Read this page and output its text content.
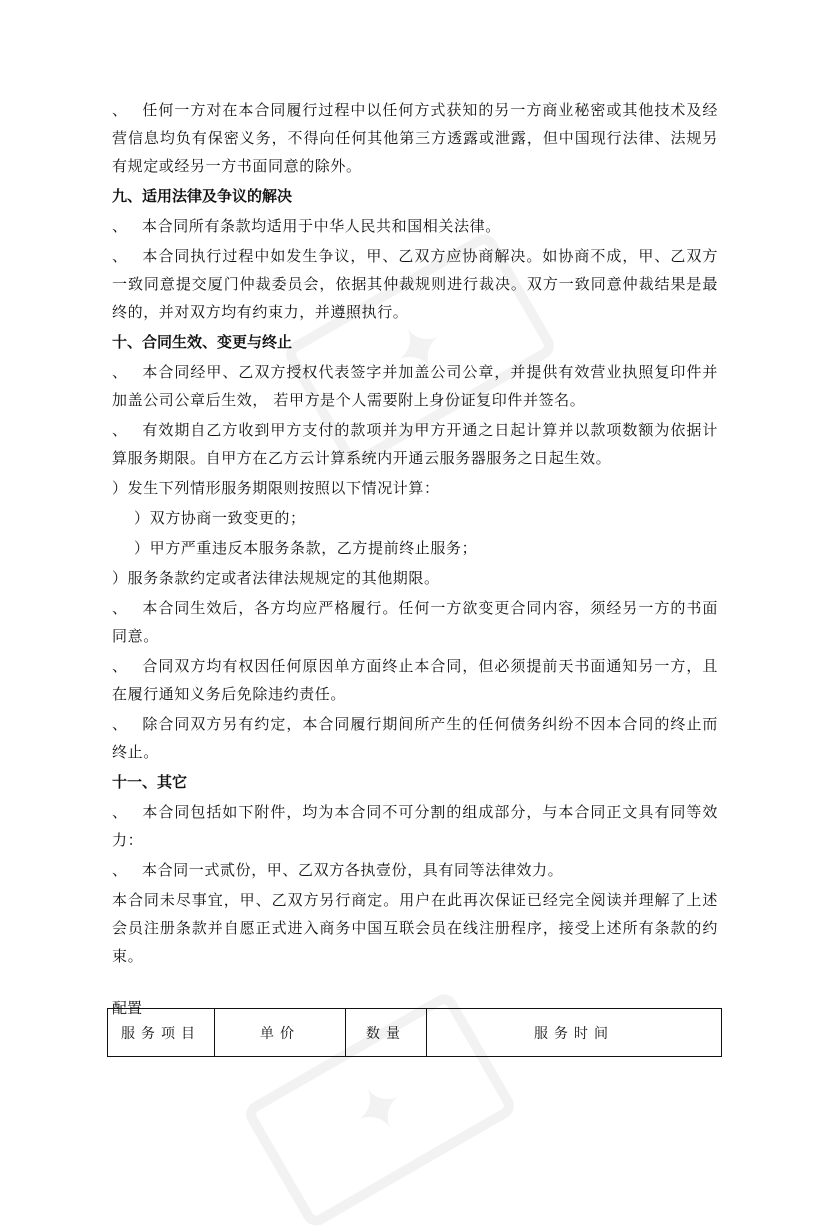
✦
✦

、 任何一方对在本合同履行过程中以任何方式获知的另一方商业秘密或其他技术及经营信息均负有保密义务，不得向任何其他第三方透露或泄露，但中国现行法律、法规另有规定或经另一方书面同意的除外。

九、适用法律及争议的解决

、 本合同所有条款均适用于中华人民共和国相关法律。

、 本合同执行过程中如发生争议，甲、乙双方应协商解决。如协商不成，甲、乙双方一致同意提交厦门仲裁委员会，依据其仲裁规则进行裁决。双方一致同意仲裁结果是最终的，并对双方均有约束力，并遵照执行。

十、合同生效、变更与终止

、 本合同经甲、乙双方授权代表签字并加盖公司公章，并提供有效营业执照复印件并加盖公司公章后生效， 若甲方是个人需要附上身份证复印件并签名。

、 有效期自乙方收到甲方支付的款项并为甲方开通之日起计算并以款项数额为依据计算服务期限。自甲方在乙方云计算系统内开通云服务器服务之日起生效。

）发生下列情形服务期限则按照以下情况计算：

）双方协商一致变更的；

）甲方严重违反本服务条款，乙方提前终止服务；

）服务条款约定或者法律法规规定的其他期限。

、 本合同生效后，各方均应严格履行。任何一方欲变更合同内容，须经另一方的书面同意。

、 合同双方均有权因任何原因单方面终止本合同，但必须提前天书面通知另一方，且在履行通知义务后免除违约责任。

、 除合同双方另有约定，本合同履行期间所产生的任何债务纠纷不因本合同的终止而终止。

十一、其它

、 本合同包括如下附件，均为本合同不可分割的组成部分，与本合同正文具有同等效力：

、 本合同一式贰份，甲、乙双方各执壹份，具有同等法律效力。

本合同未尽事宜，甲、乙双方另行商定。用户在此再次保证已经完全阅读并理解了上述会员注册条款并自愿正式进入商务中国互联会员在线注册程序，接受上述所有条款的约束。

配置
服务项目	单价	数量	服务时间
